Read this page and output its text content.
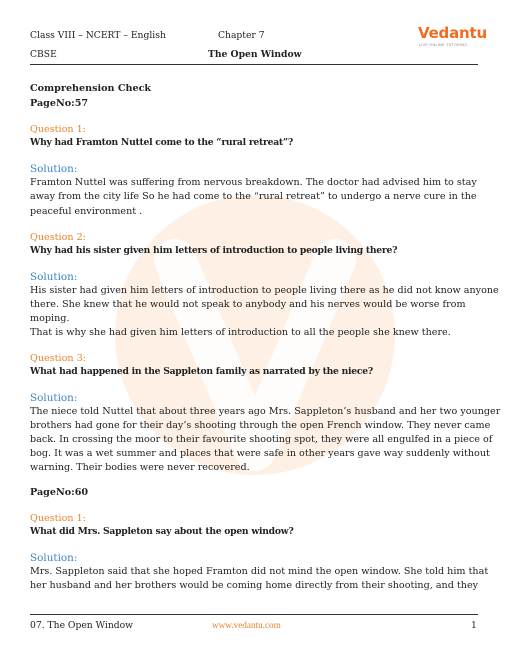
Class VIII – NCERT – English
CBSE
Chapter 7
The Open Window
Vedantu
LIVE ONLINE TUTORING
Comprehension Check
PageNo:57
Question 1:
Why had Framton Nuttel come to the “rural retreat”?
Solution:
Framton Nuttel was suffering from nervous breakdown. The doctor had advised him to stay
away from the city life So he had come to the “rural retreat” to undergo a nerve cure in the
peaceful environment .
Question 2:
Why had his sister given him letters of introduction to people living there?
Solution:
His sister had given him letters of introduction to people living there as he did not know anyone
there. She knew that he would not speak to anybody and his nerves would be worse from
moping.
That is why she had given him letters of introduction to all the people she knew there.
Question 3:
What had happened in the Sappleton family as narrated by the niece?
Solution:
The niece told Nuttel that about three years ago Mrs. Sappleton’s husband and her two younger
brothers had gone for their day’s shooting through the open French window. They never came
back. In crossing the moor to their favourite shooting spot, they were all engulfed in a piece of
bog. It was a wet summer and places that were safe in other years gave way suddenly without
warning. Their bodies were never recovered.
PageNo:60
Question 1:
What did Mrs. Sappleton say about the open window?
Solution:
Mrs. Sappleton said that she hoped Framton did not mind the open window. She told him that
her husband and her brothers would be coming home directly from their shooting, and they
07. The Open Window	www.vedantu.com	1
